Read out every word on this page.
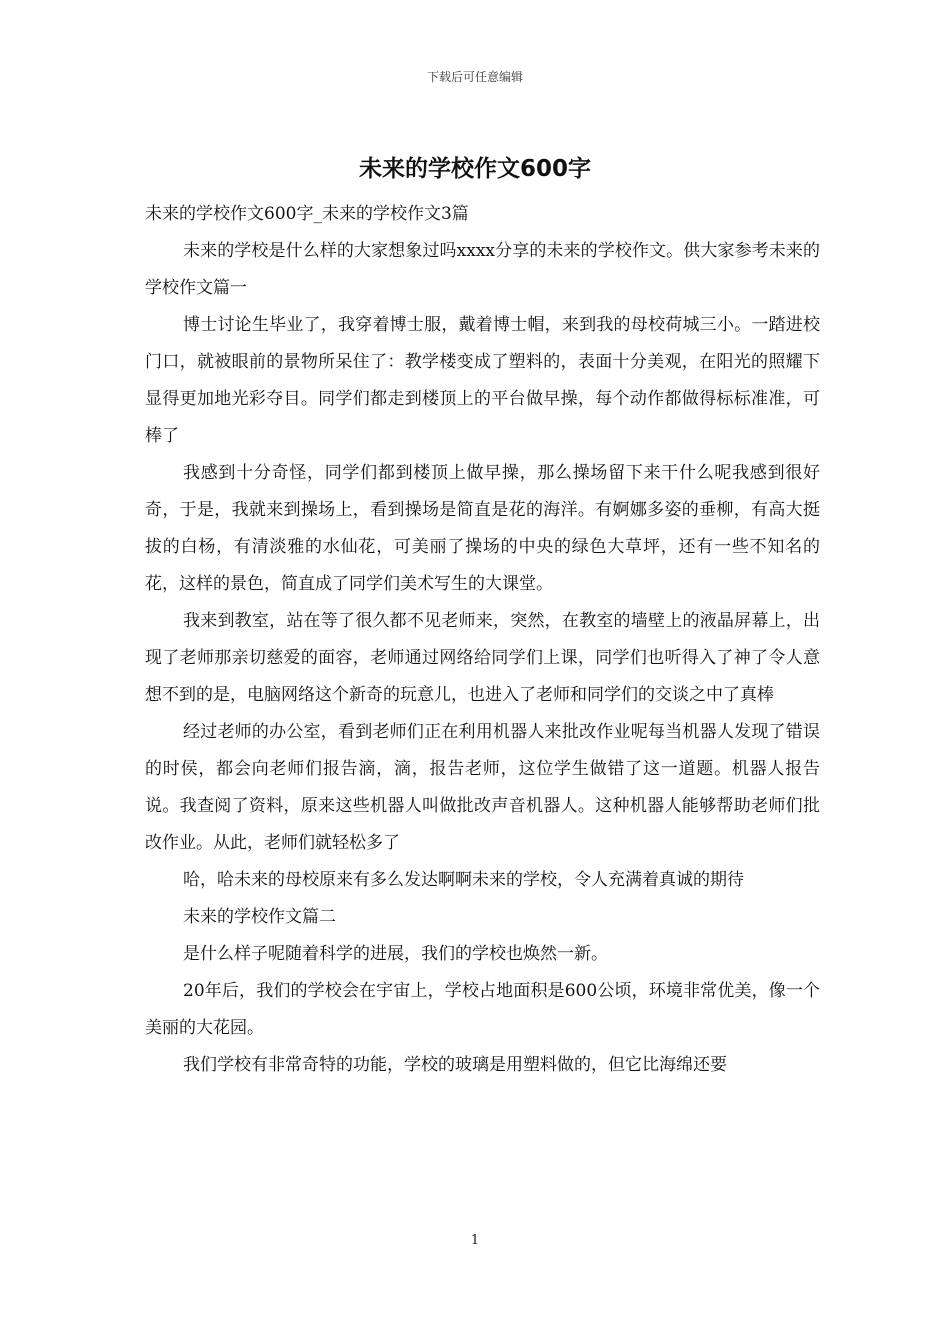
下载后可任意编辑
未来的学校作文600字

未来的学校作文600字_未来的学校作文3篇

未来的学校是什么样的大家想象过吗xxxx分享的未来的学校作文。供大家参考未来的学校作文篇一

博士讨论生毕业了，我穿着博士服，戴着博士帽，来到我的母校荷城三小。一踏进校门口，就被眼前的景物所呆住了：教学楼变成了塑料的，表面十分美观，在阳光的照耀下显得更加地光彩夺目。同学们都走到楼顶上的平台做早操，每个动作都做得标标准准，可棒了

我感到十分奇怪，同学们都到楼顶上做早操，那么操场留下来干什么呢我感到很好奇，于是，我就来到操场上，看到操场是简直是花的海洋。有婀娜多姿的垂柳，有高大挺拔的白杨，有清淡雅的水仙花，可美丽了操场的中央的绿色大草坪，还有一些不知名的花，这样的景色，简直成了同学们美术写生的大课堂。

我来到教室，站在等了很久都不见老师来，突然，在教室的墙壁上的液晶屏幕上，出现了老师那亲切慈爱的面容，老师通过网络给同学们上课，同学们也听得入了神了令人意想不到的是，电脑网络这个新奇的玩意儿，也进入了老师和同学们的交谈之中了真棒

经过老师的办公室，看到老师们正在利用机器人来批改作业呢每当机器人发现了错误的时侯，都会向老师们报告滴，滴，报告老师，这位学生做错了这一道题。机器人报告说。我查阅了资料，原来这些机器人叫做批改声音机器人。这种机器人能够帮助老师们批改作业。从此，老师们就轻松多了

哈，哈未来的母校原来有多么发达啊啊未来的学校，令人充满着真诚的期待

未来的学校作文篇二

是什么样子呢随着科学的进展，我们的学校也焕然一新。

20年后，我们的学校会在宇宙上，学校占地面积是600公顷，环境非常优美，像一个美丽的大花园。

我们学校有非常奇特的功能，学校的玻璃是用塑料做的，但它比海绵还要

1
